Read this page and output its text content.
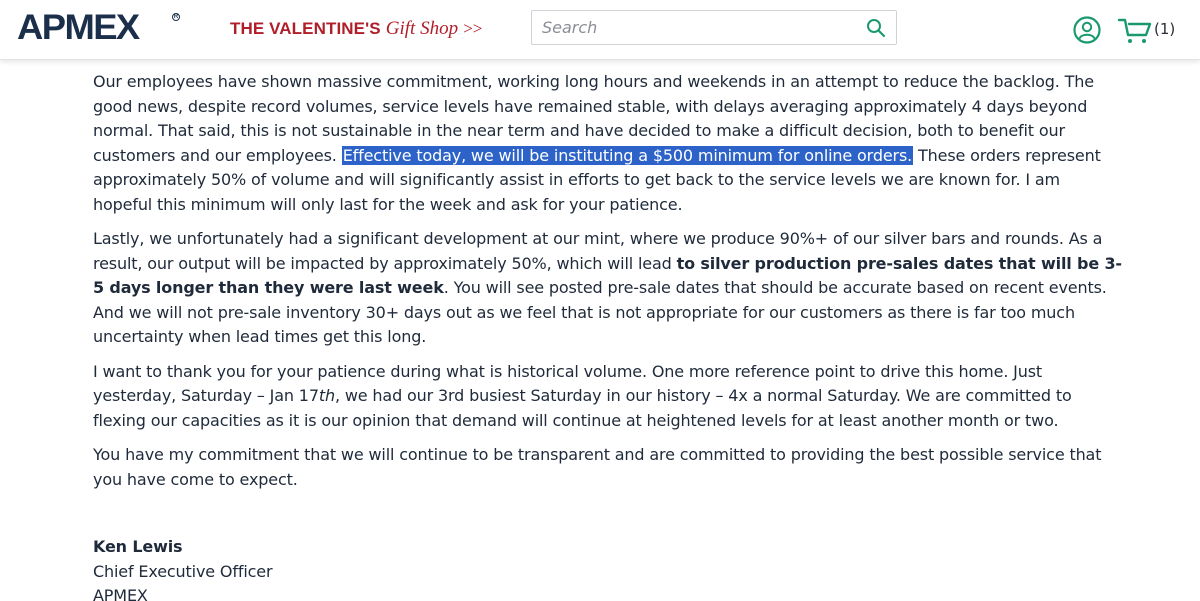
APMEX	R
THE VALENTINE'S Gift Shop >>
Search	(1)

Our employees have shown massive commitment, working long hours and weekends in an attempt to reduce the backlog. The good news, despite record volumes, service levels have remained stable, with delays averaging approximately 4 days beyond normal. That said, this is not sustainable in the near term and have decided to make a difficult decision, both to benefit our customers and our employees. Effective today, we will be instituting a $500 minimum for online orders. These orders represent approximately 50% of volume and will significantly assist in efforts to get back to the service levels we are known for. I am hopeful this minimum will only last for the week and ask for your patience.

Lastly, we unfortunately had a significant development at our mint, where we produce 90%+ of our silver bars and rounds. As a result, our output will be impacted by approximately 50%, which will lead to silver production pre-sales dates that will be 3-5 days longer than they were last week. You will see posted pre-sale dates that should be accurate based on recent events. And we will not pre-sale inventory 30+ days out as we feel that is not appropriate for our customers as there is far too much uncertainty when lead times get this long.

I want to thank you for your patience during what is historical volume. One more reference point to drive this home. Just yesterday, Saturday – Jan 17th, we had our 3rd busiest Saturday in our history – 4x a normal Saturday. We are committed to flexing our capacities as it is our opinion that demand will continue at heightened levels for at least another month or two.

You have my commitment that we will continue to be transparent and are committed to providing the best possible service that you have come to expect.

Ken Lewis
Chief Executive Officer
APMEX
